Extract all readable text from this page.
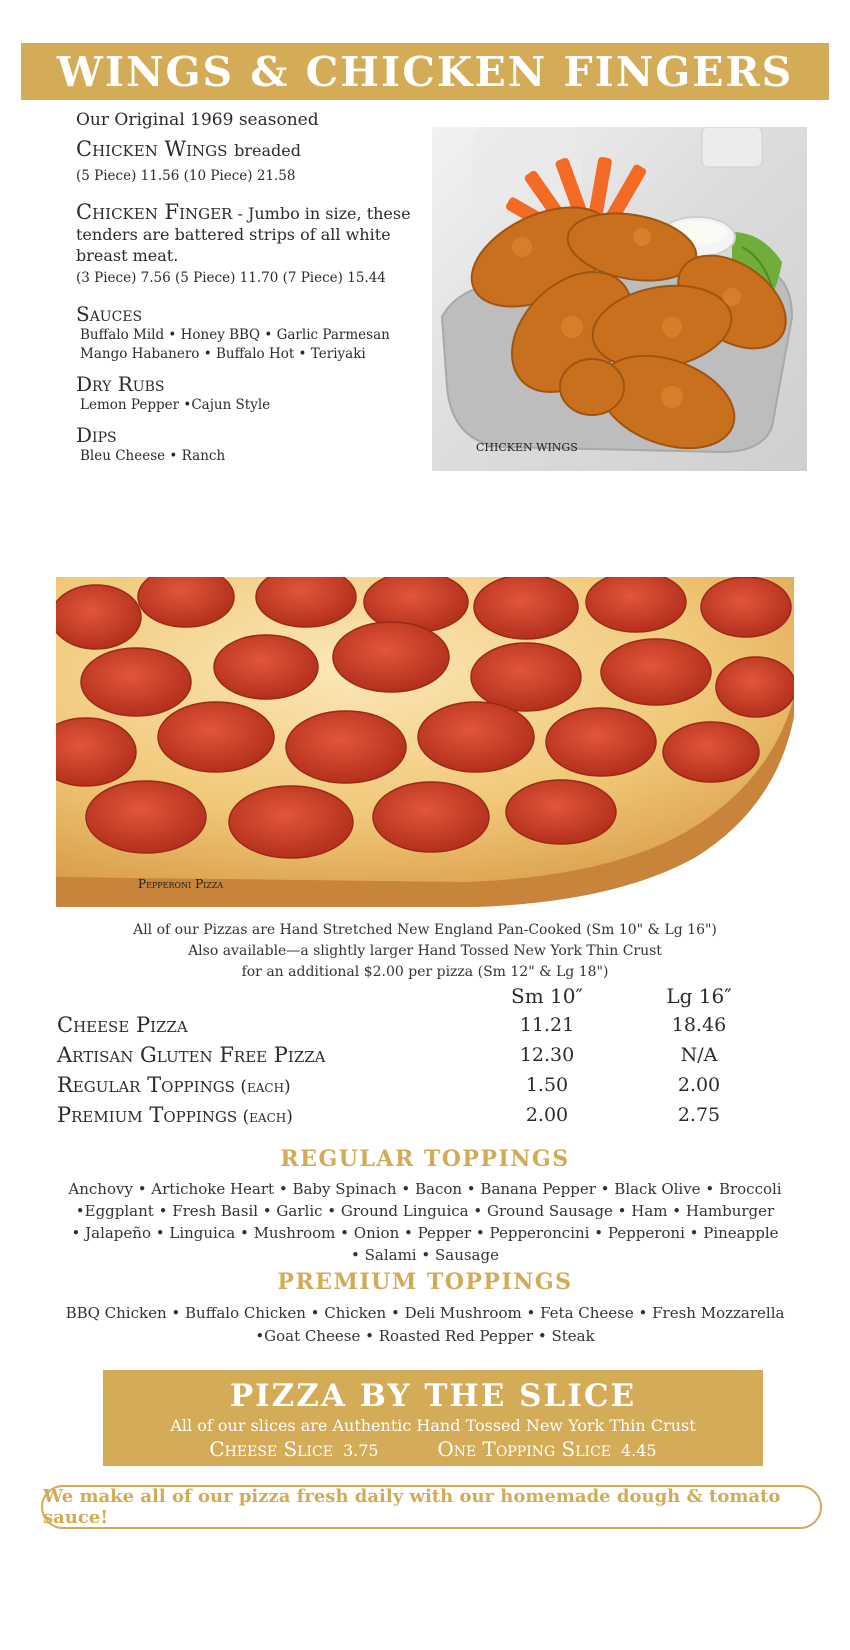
WINGS & CHICKEN FINGERS
Our Original 1969 seasoned
Chicken Wings breaded
(5 Piece) 11.56 (10 Piece) 21.58
Chicken Finger - Jumbo in size, these tenders are battered strips of all white breast meat.
(3 Piece) 7.56 (5 Piece) 11.70 (7 Piece) 15.44
Sauces
Buffalo Mild • Honey BBQ • Garlic Parmesan
Mango Habanero • Buffalo Hot • Teriyaki
Dry Rubs
Lemon Pepper •Cajun Style
Dips
Bleu Cheese • Ranch
CHICKEN WINGS
Pepperoni Pizza
All of our Pizzas are Hand Stretched New England Pan-Cooked (Sm 10" & Lg 16")
Also available—a slightly larger Hand Tossed New York Thin Crust
for an additional $2.00 per pizza (Sm 12" & Lg 18")
Sm 10″	Lg 16″
Cheese Pizza	11.21	18.46
Artisan Gluten Free Pizza	12.30	N/A
Regular Toppings (each)	1.50	2.00
Premium Toppings (each)	2.00	2.75
REGULAR TOPPINGS
Anchovy • Artichoke Heart • Baby Spinach • Bacon • Banana Pepper • Black Olive • Broccoli
•Eggplant • Fresh Basil • Garlic • Ground Linguica • Ground Sausage • Ham • Hamburger
• Jalapeño • Linguica • Mushroom • Onion • Pepper • Pepperoncini • Pepperoni • Pineapple
• Salami • Sausage
PREMIUM TOPPINGS
BBQ Chicken • Buffalo Chicken • Chicken • Deli Mushroom • Feta Cheese • Fresh Mozzarella
•Goat Cheese • Roasted Red Pepper • Steak
PIZZA BY THE SLICE
All of our slices are Authentic Hand Tossed New York Thin Crust
Cheese Slice 3.75	One Topping Slice 4.45
We make all of our pizza fresh daily with our homemade dough & tomato sauce!
